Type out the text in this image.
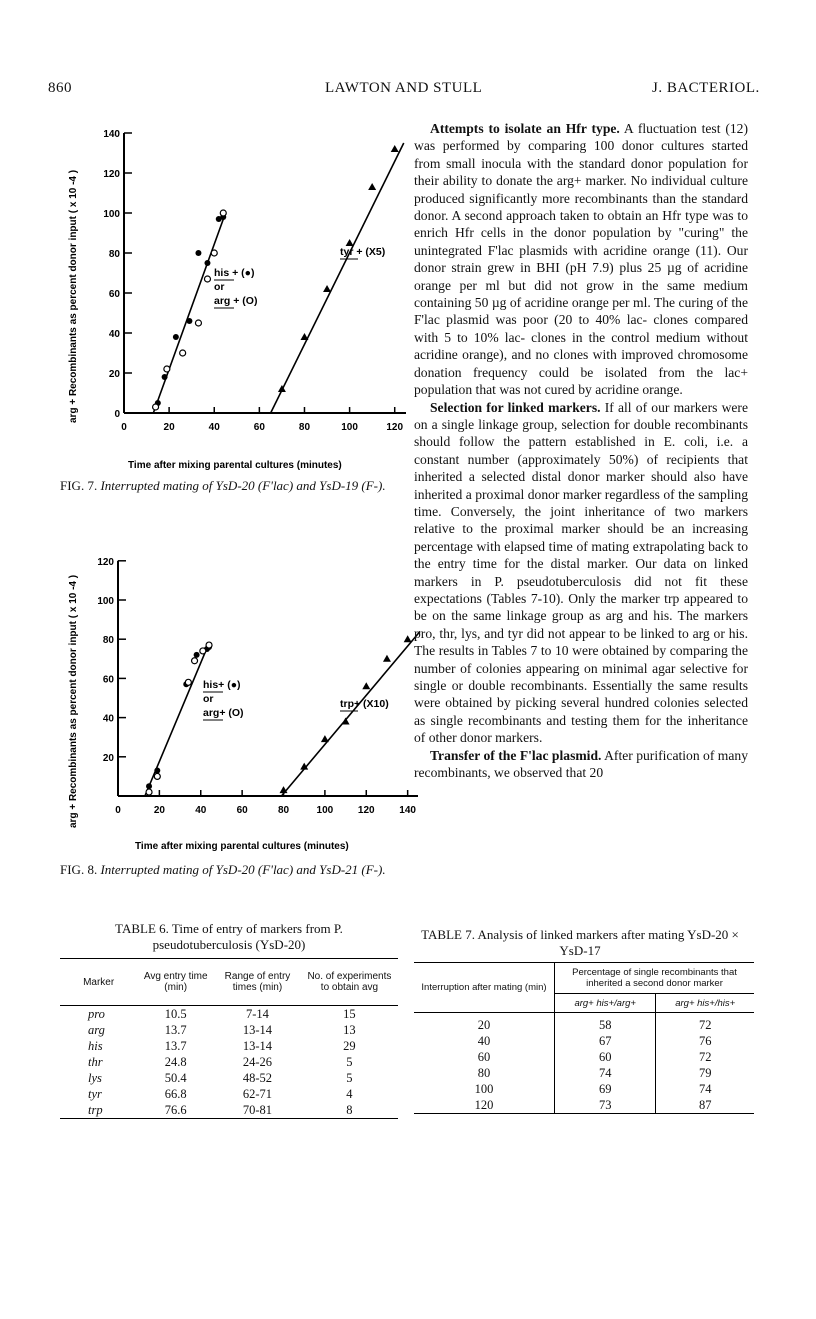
860	LAWTON AND STULL	J. BACTERIOL.
arg + Recombinants as percent donor input ( x 10 -4 )
Time after mixing parental cultures (minutes)
0
20
40
60
80
100
120
140
0	20	40	60	80	100	120
his + (●)
or
arg + (O)
tyr + (X5)
FIG. 7. Interrupted mating of YsD-20 (F'lac) and YsD-19 (F-).
arg + Recombinants as percent donor input ( x 10 -4 )
Time after mixing parental cultures (minutes)
20
40
60
80
100
120
0	20	40	60	80	100 120 140
his+ (●)
or
arg+ (O)
trp+ (X10)
FIG. 8. Interrupted mating of YsD-20 (F'lac) and YsD-21 (F-).
TABLE 6. Time of entry of markers from P. pseudotuberculosis (YsD-20)
Marker	Avg entry time (min)	Range of entry times (min)	No. of experiments to obtain avg
pro	10.5	7-14	15
arg	13.7	13-14	13
his	13.7	13-14	29
thr	24.8	24-26	5
lys	50.4	48-52	5
tyr	66.8	62-71	4
trp	76.6	70-81	8

Attempts to isolate an Hfr type. A fluctuation test (12) was performed by comparing 100 donor cultures started from small inocula with the standard donor population for their ability to donate the arg+ marker. No individual culture produced significantly more recombinants than the standard donor. A second approach taken to obtain an Hfr type was to enrich Hfr cells in the donor population by "curing" the unintegrated F'lac plasmids with acridine orange (11). Our donor strain grew in BHI (pH 7.9) plus 25 µg of acridine orange per ml but did not grow in the same medium containing 50 µg of acridine orange per ml. The curing of the F'lac plasmid was poor (20 to 40% lac- clones compared with 5 to 10% lac- clones in the control medium without acridine orange), and no clones with improved chromosome donation frequency could be isolated from the lac+ population that was not cured by acridine orange.

Selection for linked markers. If all of our markers were on a single linkage group, selection for double recombinants should follow the pattern established in E. coli, i.e. a constant number (approximately 50%) of recipients that inherited a selected distal donor marker should also have inherited a proximal donor marker regardless of the sampling time. Conversely, the joint inheritance of two markers relative to the proximal marker should be an increasing percentage with elapsed time of mating extrapolating back to the entry time for the distal marker. Our data on linked markers in P. pseudotuberculosis did not fit these expectations (Tables 7-10). Only the marker trp appeared to be on the same linkage group as arg and his. The markers pro, thr, lys, and tyr did not appear to be linked to arg or his. The results in Tables 7 to 10 were obtained by comparing the number of colonies appearing on minimal agar selective for single or double recombinants. Essentially the same results were obtained by picking several hundred colonies selected as single recombinants and testing them for the inheritance of other donor markers.

Transfer of the F'lac plasmid. After purification of many recombinants, we observed that 20

TABLE 7. Analysis of linked markers after mating YsD-20 × YsD-17
Interruption after mating (min)	Percentage of single recombinants that inherited a second donor marker	
	arg+ his+/arg+	arg+ his+/his+
20	58	72
40	67	76
60	60	72
80	74	79
100	69	74
120	73	87
